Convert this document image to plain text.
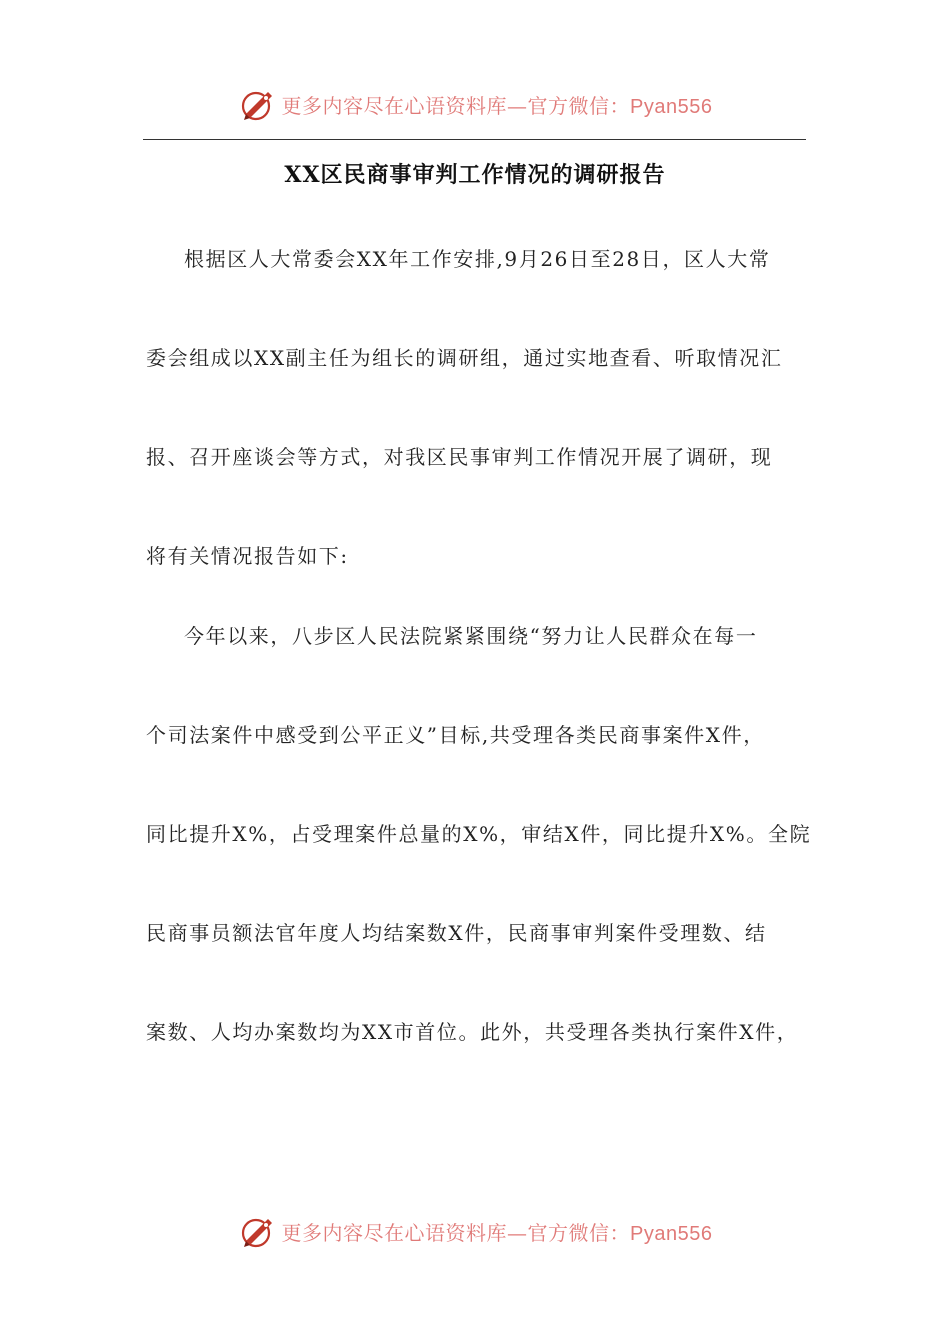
更多内容尽在心语资料库—官方微信：Pyan556
XX区民商事审判工作情况的调研报告
根据区人大常委会XX年工作安排,9月26日至28日，区人大常
委会组成以XX副主任为组长的调研组，通过实地查看、听取情况汇
报、召开座谈会等方式，对我区民事审判工作情况开展了调研，现
将有关情况报告如下:
今年以来，八步区人民法院紧紧围绕“努力让人民群众在每一
个司法案件中感受到公平正义”目标,共受理各类民商事案件X件，
同比提升X%，占受理案件总量的X%，审结X件，同比提升X%。全院
民商事员额法官年度人均结案数X件，民商事审判案件受理数、结
案数、人均办案数均为XX市首位。此外，共受理各类执行案件X件，
更多内容尽在心语资料库—官方微信：Pyan556
